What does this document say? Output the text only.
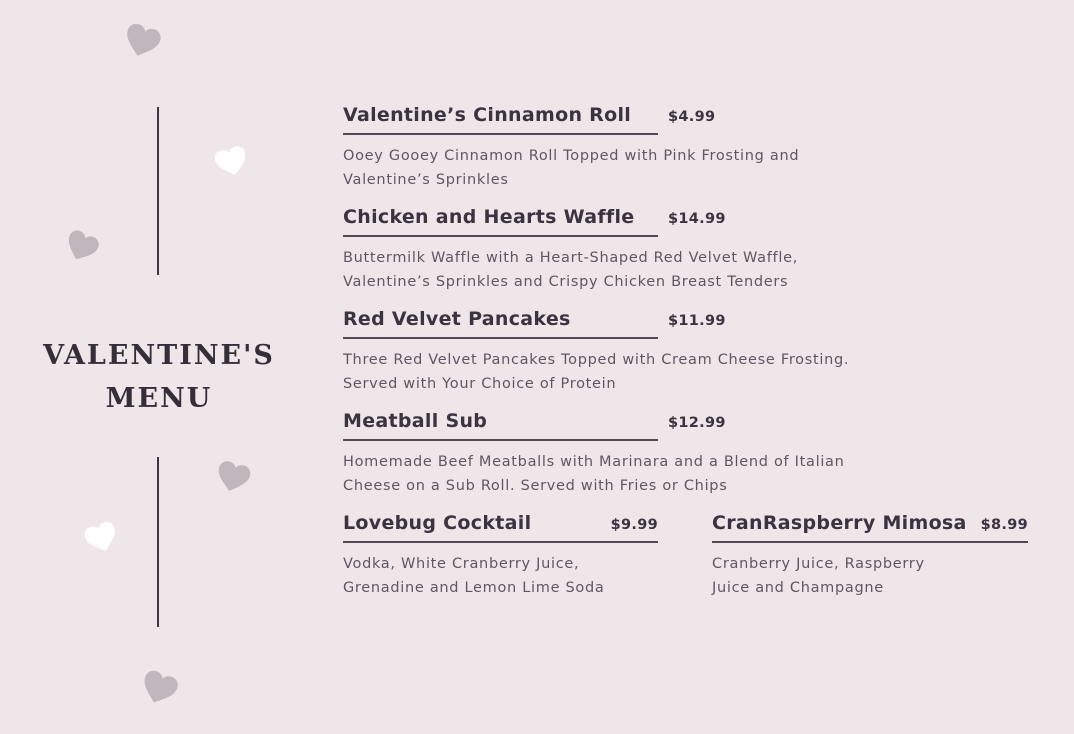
VALENTINE'S
MENU
Valentine’s Cinnamon Roll	$4.99
Ooey Gooey Cinnamon Roll Topped with Pink Frosting and
Valentine’s Sprinkles
Chicken and Hearts Waffle	$14.99
Buttermilk Waffle with a Heart-Shaped Red Velvet Waffle,
Valentine’s Sprinkles and Crispy Chicken Breast Tenders
Red Velvet Pancakes	$11.99
Three Red Velvet Pancakes Topped with Cream Cheese Frosting.
Served with Your Choice of Protein
Meatball Sub	$12.99
Homemade Beef Meatballs with Marinara and a Blend of Italian
Cheese on a Sub Roll. Served with Fries or Chips
Lovebug Cocktail	$9.99
Vodka, White Cranberry Juice,
Grenadine and Lemon Lime Soda
CranRaspberry Mimosa $8.99
Cranberry Juice, Raspberry
Juice and Champagne
